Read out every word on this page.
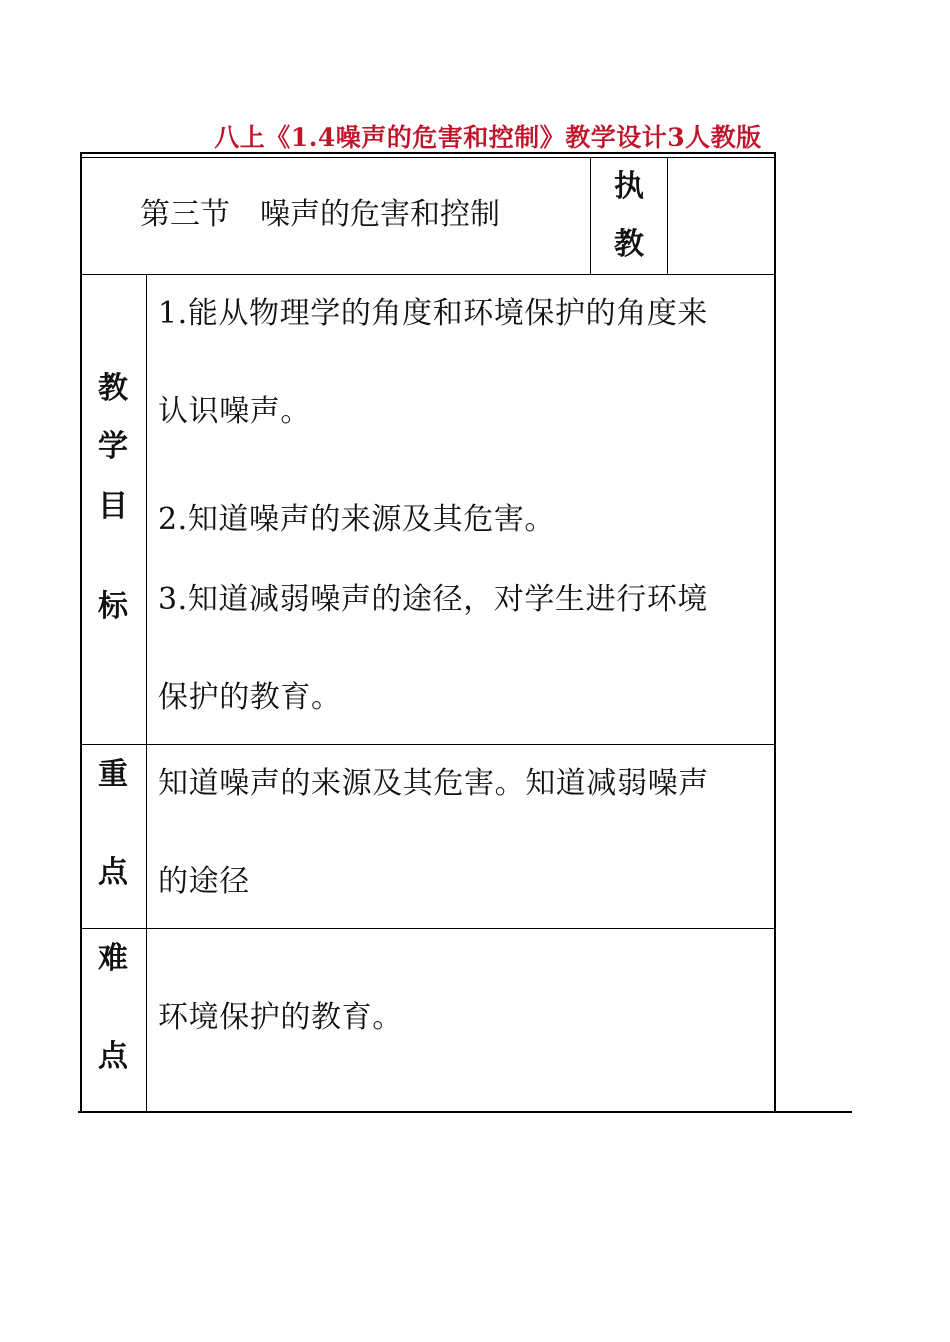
八上《1.4噪声的危害和控制》教学设计3人教版
第三节　噪声的危害和控制
执
教
教
学
目
标
1.能从物理学的角度和环境保护的角度来
认识噪声。
2.知道噪声的来源及其危害。
3.知道减弱噪声的途径，对学生进行环境
保护的教育。
重
点
知道噪声的来源及其危害。知道减弱噪声
的途径
难
点
环境保护的教育。
